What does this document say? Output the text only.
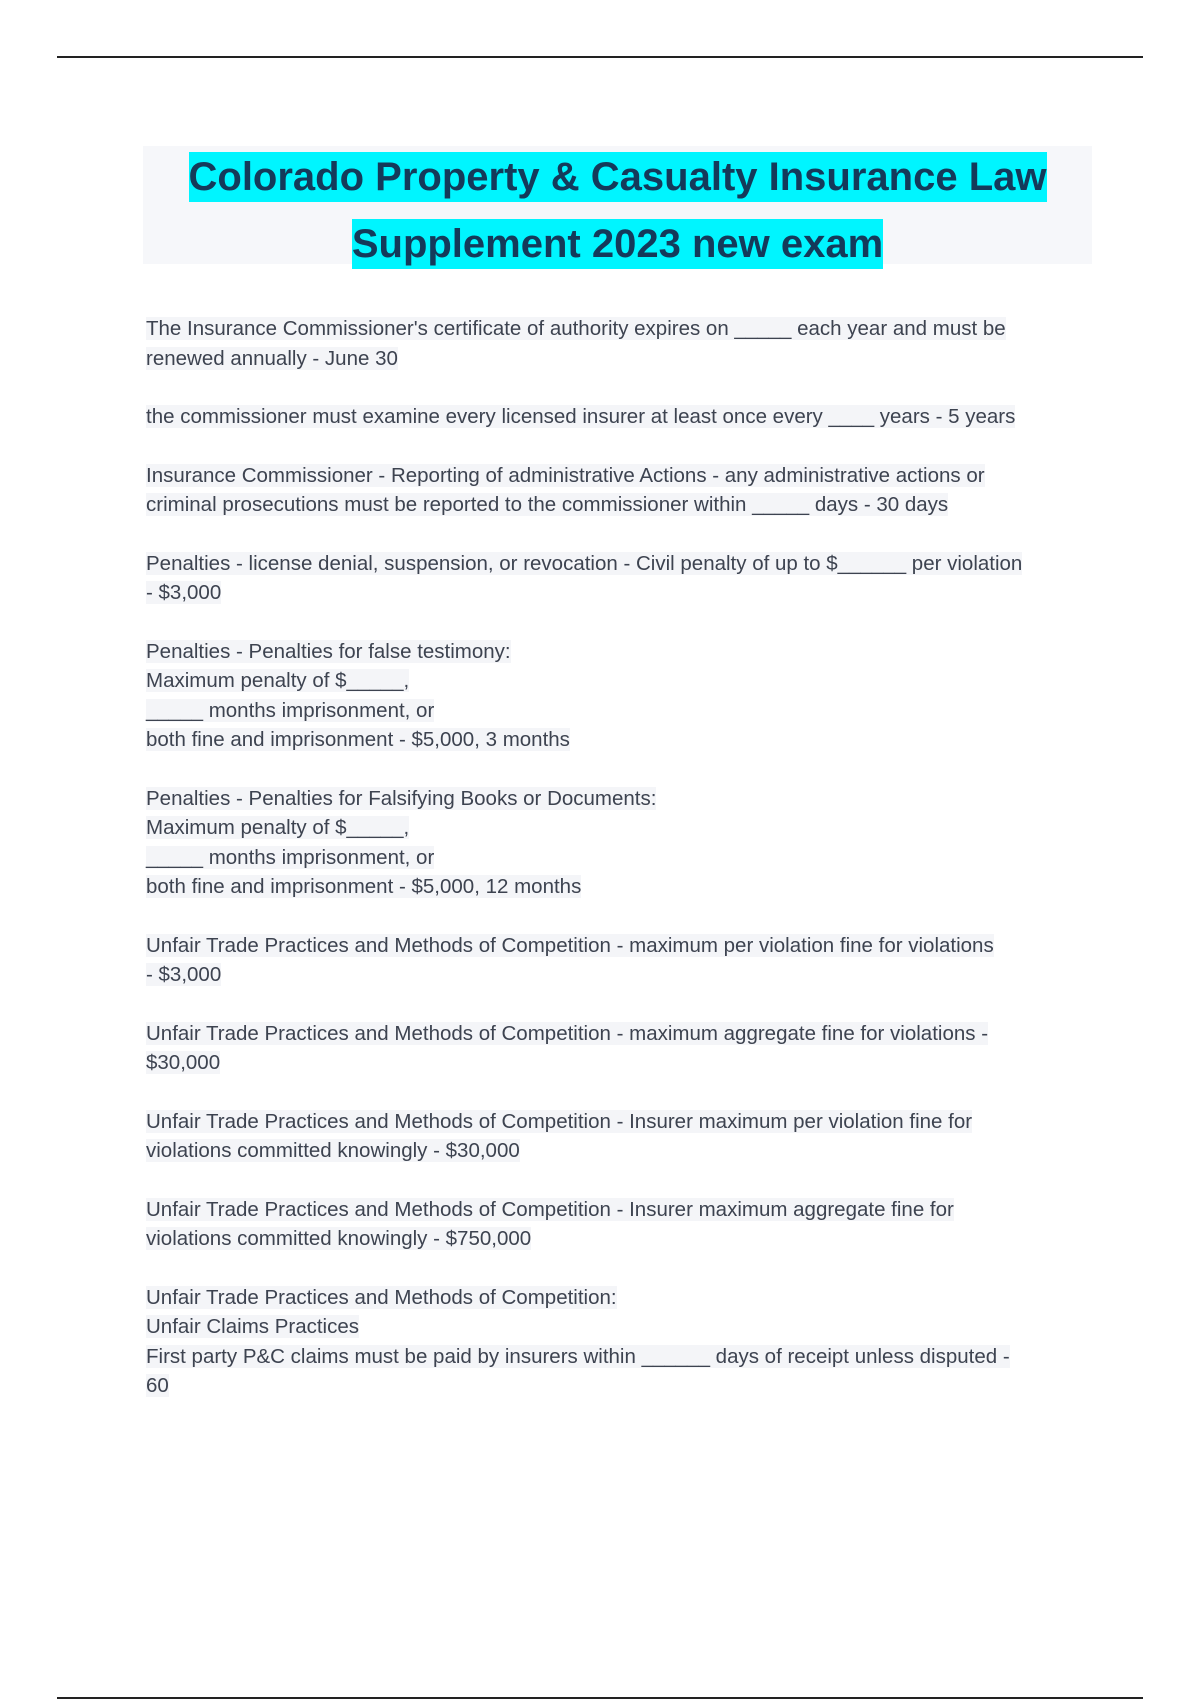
Colorado Property & Casualty Insurance Law
Supplement 2023 new exam
The Insurance Commissioner's certificate of authority expires on _____ each year and must be
renewed annually - June 30
the commissioner must examine every licensed insurer at least once every ____ years - 5 years
Insurance Commissioner - Reporting of administrative Actions - any administrative actions or
criminal prosecutions must be reported to the commissioner within _____ days - 30 days
Penalties - license denial, suspension, or revocation - Civil penalty of up to $______ per violation
- $3,000
Penalties - Penalties for false testimony:
Maximum penalty of $_____,
_____ months imprisonment, or
both fine and imprisonment - $5,000, 3 months
Penalties - Penalties for Falsifying Books or Documents:
Maximum penalty of $_____,
_____ months imprisonment, or
both fine and imprisonment - $5,000, 12 months
Unfair Trade Practices and Methods of Competition - maximum per violation fine for violations
- $3,000
Unfair Trade Practices and Methods of Competition - maximum aggregate fine for violations -
$30,000
Unfair Trade Practices and Methods of Competition - Insurer maximum per violation fine for
violations committed knowingly - $30,000
Unfair Trade Practices and Methods of Competition - Insurer maximum aggregate fine for
violations committed knowingly - $750,000
Unfair Trade Practices and Methods of Competition:
Unfair Claims Practices
First party P&C claims must be paid by insurers within ______ days of receipt unless disputed -
60
